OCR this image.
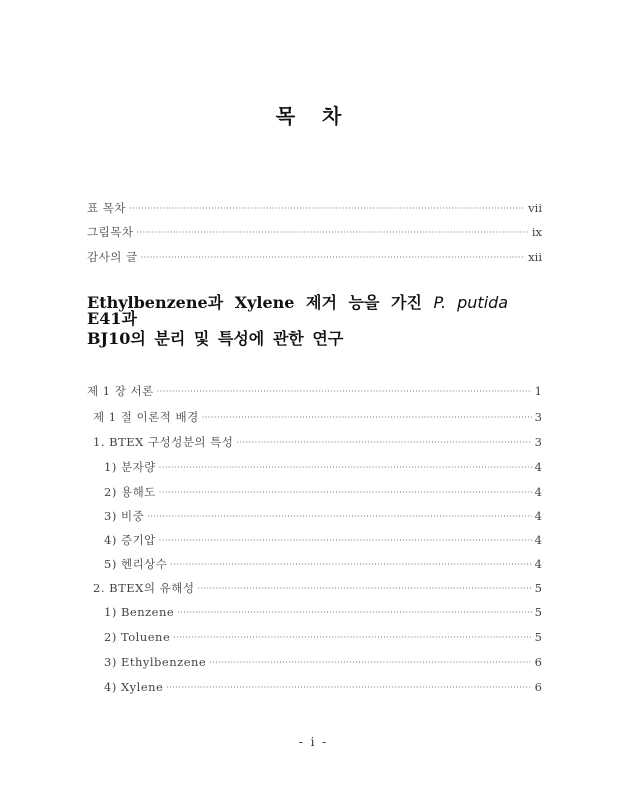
목 차
표 목차 ·····	vii
그림목차 ·····	ix
감사의 글 ·····	xii
Ethylbenzene과 Xylene 제거 능을 가진 P. putida E41과
BJ10의 분리 및 특성에 관한 연구
제 1 장 서론 ·····	1
제 1 절 이론적 배경 ·····	3
1. BTEX 구성성분의 특성 ·····	3
1) 분자량 ·····	4
2) 용해도 ·····	4
3) 비중 ·····	4
4) 증기압 ·····	4
5) 헨리상수 ·····	4
2. BTEX의 유해성 ·····	5
1) Benzene ·····	5
2) Toluene ·····	5
3) Ethylbenzene ·····	6
4) Xylene ·····	6
- i -
